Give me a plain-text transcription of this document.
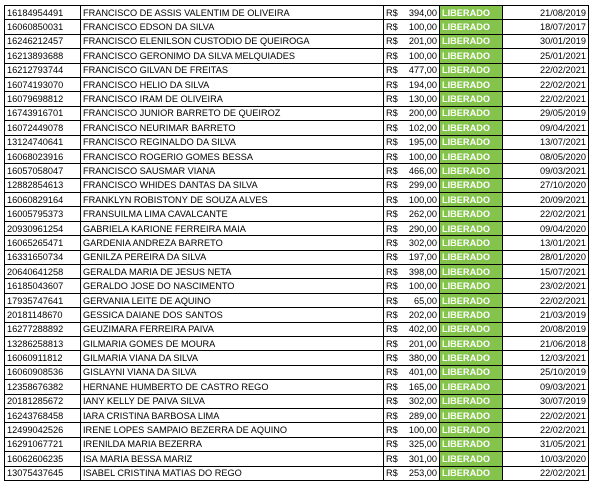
16184954491	FRANCISCO DE ASSIS VALENTIM DE OLIVEIRA	R$	394,00	LIBERADO	21/08/2019
16060850031	FRANCISCO EDSON DA SILVA	R$	100,00	LIBERADO	18/07/2017
16246212457	FRANCISCO ELENILSON CUSTODIO DE QUEIROGA	R$	201,00	LIBERADO	30/01/2019
16213893688	FRANCISCO GERONIMO DA SILVA MELQUIADES	R$	100,00	LIBERADO	25/01/2021
16212793744	FRANCISCO GILVAN DE FREITAS	R$	477,00	LIBERADO	22/02/2021
16074193070	FRANCISCO HELIO DA SILVA	R$	194,00	LIBERADO	22/02/2021
16079698812	FRANCISCO IRAM DE OLIVEIRA	R$	130,00	LIBERADO	22/02/2021
16743916701	FRANCISCO JUNIOR BARRETO DE QUEIROZ	R$	200,00	LIBERADO	29/05/2019
16072449078	FRANCISCO NEURIMAR BARRETO	R$	102,00	LIBERADO	09/04/2021
13124740641	FRANCISCO REGINALDO DA SILVA	R$	195,00	LIBERADO	13/07/2021
16068023916	FRANCISCO ROGERIO GOMES BESSA	R$	100,00	LIBERADO	08/05/2020
16057058047	FRANCISCO SAUSMAR VIANA	R$	466,00	LIBERADO	09/03/2021
12882854613	FRANCISCO WHIDES DANTAS DA SILVA	R$	299,00	LIBERADO	27/10/2020
16060829164	FRANKLYN ROBISTONY DE SOUZA ALVES	R$	100,00	LIBERADO	20/09/2021
16005795373	FRANSUILMA LIMA CAVALCANTE	R$	262,00	LIBERADO	22/02/2021
20930961254	GABRIELA KARIONE FERREIRA MAIA	R$	290,00	LIBERADO	09/04/2020
16065265471	GARDENIA ANDREZA BARRETO	R$	302,00	LIBERADO	13/01/2021
16331650734	GENILZA PEREIRA DA SILVA	R$	197,00	LIBERADO	28/01/2020
20640641258	GERALDA MARIA DE JESUS NETA	R$	398,00	LIBERADO	15/07/2021
16185043607	GERALDO JOSE DO NASCIMENTO	R$	100,00	LIBERADO	23/02/2021
17935747641	GERVANIA LEITE DE AQUINO	R$	65,00	LIBERADO	22/02/2021
20181148670	GESSICA DAIANE DOS SANTOS	R$	202,00	LIBERADO	21/03/2019
16277288892	GEUZIMARA FERREIRA PAIVA	R$	402,00	LIBERADO	20/08/2019
13286258813	GILMARIA GOMES DE MOURA	R$	201,00	LIBERADO	21/06/2018
16060911812	GILMARIA VIANA DA SILVA	R$	380,00	LIBERADO	12/03/2021
16060908536	GISLAYNI VIANA DA SILVA	R$	401,00	LIBERADO	25/10/2019
12358676382	HERNANE HUMBERTO DE CASTRO REGO	R$	165,00	LIBERADO	09/03/2021
20181285672	IANY KELLY DE PAIVA SILVA	R$	302,00	LIBERADO	30/07/2019
16243768458	IARA CRISTINA BARBOSA LIMA	R$	289,00	LIBERADO	22/02/2021
12499042526	IRENE LOPES SAMPAIO BEZERRA DE AQUINO	R$	100,00	LIBERADO	22/02/2021
16291067721	IRENILDA MARIA BEZERRA	R$	325,00	LIBERADO	31/05/2021
16062606235	ISA MARIA BESSA MARIZ	R$	301,00	LIBERADO	10/03/2020
13075437645	ISABEL CRISTINA MATIAS DO REGO	R$	253,00	LIBERADO	22/02/2021
